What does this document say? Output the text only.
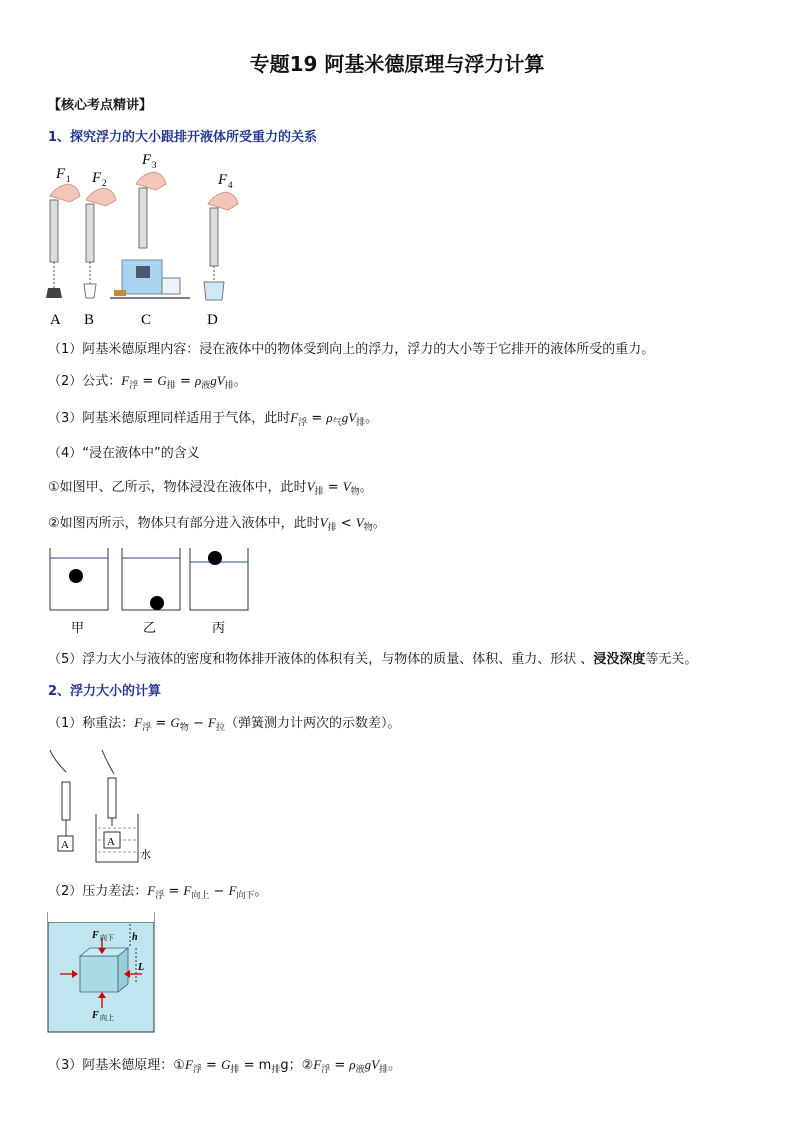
专题19 阿基米德原理与浮力计算
【核心考点精讲】
1、探究浮力的大小跟排开液体所受重力的关系
F 1 F 2
F 3
F 4
A B	C	D
（1）阿基米德原理内容：浸在液体中的物体受到向上的浮力，浮力的大小等于它排开的液体所受的重力。
（2）公式：$F_浮 = G_排 = \rho_液gV_排$。
（3）阿基米德原理同样适用于气体，此时$F_浮 = \rho_气gV_排$。
（4）“浸在液体中”的含义
①如图甲、乙所示，物体浸没在液体中，此时$V_排 = V_物$。
②如图丙所示，物体只有部分进入液体中，此时$V_排 < V_物$。
甲	乙	丙
（5）浮力大小与液体的密度和物体排开液体的体积有关，与物体的质量、体积、重力、形状 、浸没深度等无关。
2、浮力大小的计算
（1）称重法：$F_浮 = G_物 - F_拉$（弹簧测力计两次的示数差）。
A	A
水
（2）压力差法：$F_浮 = F_{向上} - F_{向下}$。
F 向下
F 向上
h
L
（3）阿基米德原理：$①F_浮 = G_排 = m_排g$；$②F_浮 = \rho_液gV_排$。
